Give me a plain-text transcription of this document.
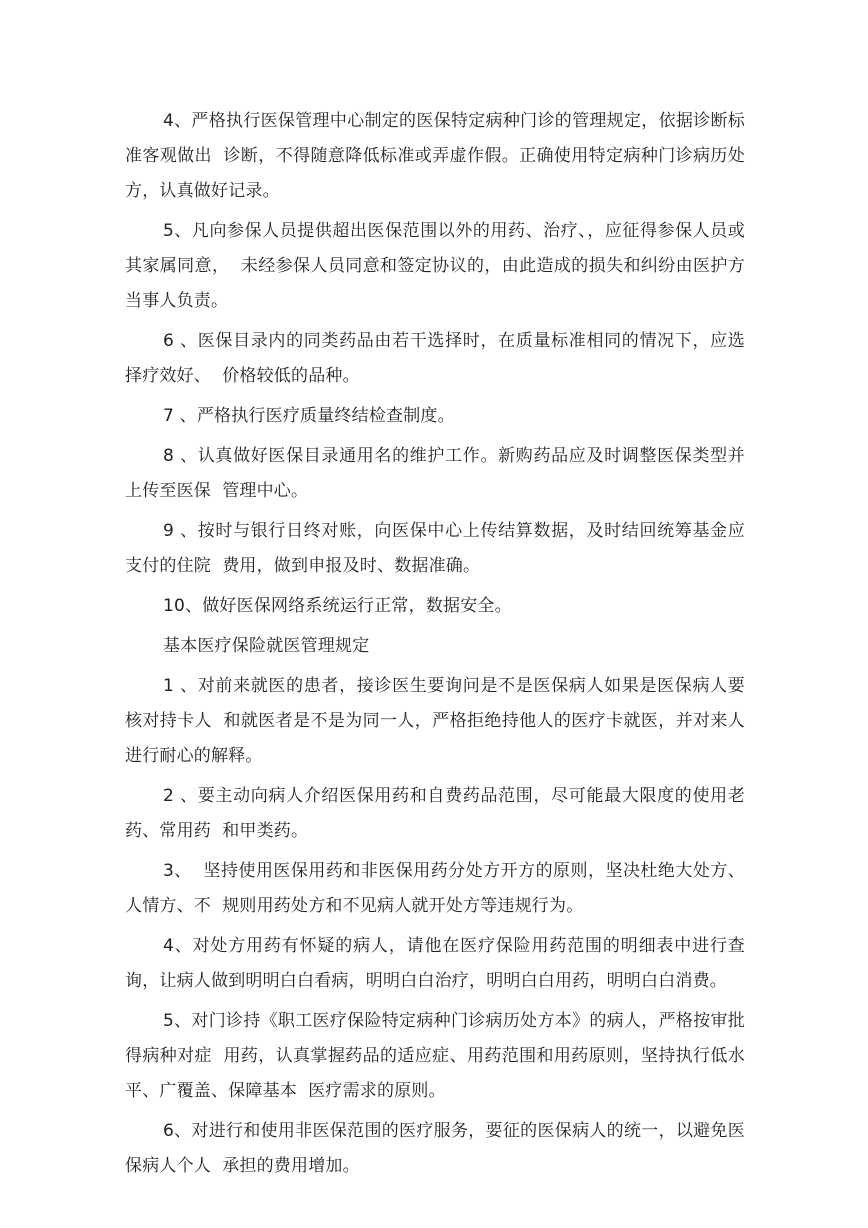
4、严格执行医保管理中心制定的医保特定病种门诊的管理规定，依据诊断标准客观做出  诊断，不得随意降低标准或弄虚作假。正确使用特定病种门诊病历处方，认真做好记录。

5、凡向参保人员提供超出医保范围以外的用药、治疗、，应征得参保人员或其家属同意，  未经参保人员同意和签定协议的，由此造成的损失和纠纷由医护方当事人负责。

6 、医保目录内的同类药品由若干选择时，在质量标准相同的情况下，应选择疗效好、  价格较低的品种。

7 、严格执行医疗质量终结检查制度。

8 、认真做好医保目录通用名的维护工作。新购药品应及时调整医保类型并上传至医保  管理中心。

9 、按时与银行日终对账，向医保中心上传结算数据，及时结回统筹基金应支付的住院  费用，做到申报及时、数据准确。

10、做好医保网络系统运行正常，数据安全。

基本医疗保险就医管理规定

1 、对前来就医的患者，接诊医生要询问是不是医保病人如果是医保病人要核对持卡人  和就医者是不是为同一人，严格拒绝持他人的医疗卡就医，并对来人进行耐心的解释。

2 、要主动向病人介绍医保用药和自费药品范围，尽可能最大限度的使用老药、常用药  和甲类药。

3、  坚持使用医保用药和非医保用药分处方开方的原则，坚决杜绝大处方、人情方、不  规则用药处方和不见病人就开处方等违规行为。

4、对处方用药有怀疑的病人，请他在医疗保险用药范围的明细表中进行查询，让病人做到明明白白看病，明明白白治疗，明明白白用药，明明白白消费。

5、对门诊持《职工医疗保险特定病种门诊病历处方本》的病人，严格按审批得病种对症  用药，认真掌握药品的适应症、用药范围和用药原则，坚持执行低水平、广覆盖、保障基本  医疗需求的原则。

6、对进行和使用非医保范围的医疗服务，要征的医保病人的统一，以避免医保病人个人  承担的费用增加。
